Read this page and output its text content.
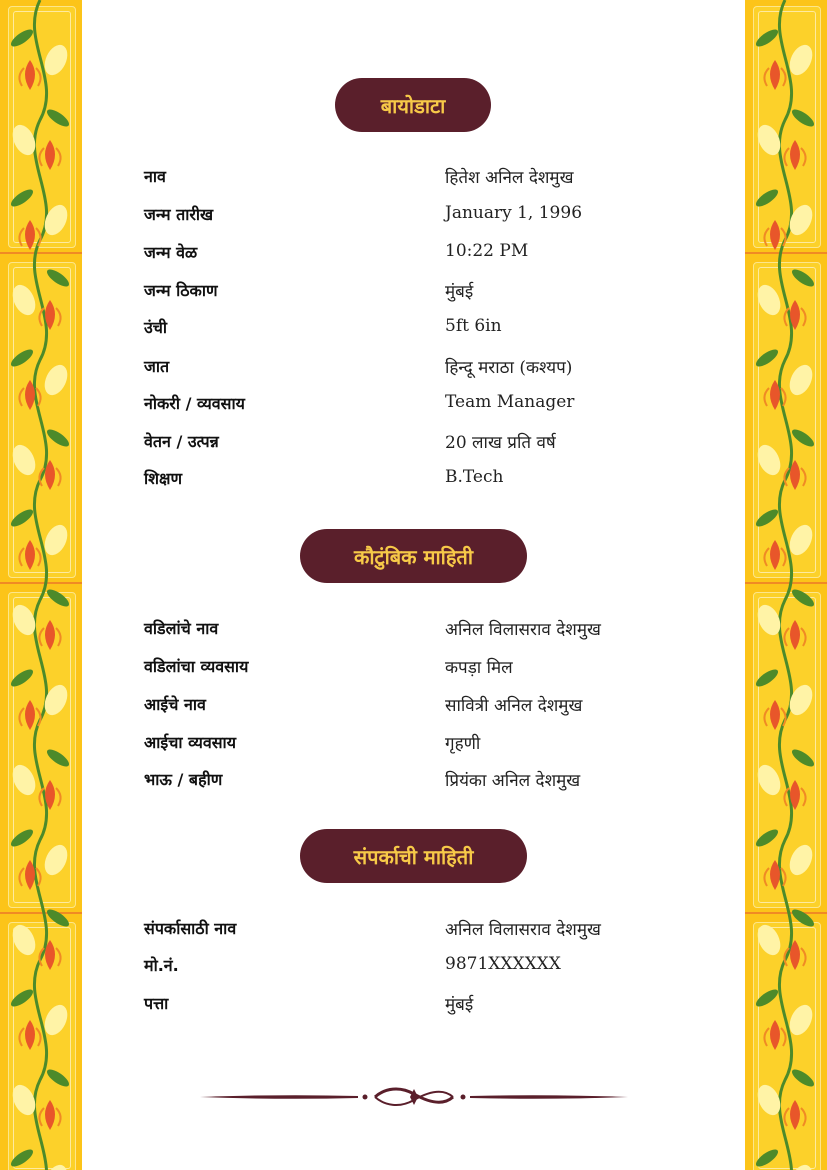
बायोडाटा
नाव	हितेश अनिल देशमुख
जन्म तारीख	January 1, 1996
जन्म वेळ	10:22 PM
जन्म ठिकाण	मुंबई
उंची	5ft 6in
जात	हिन्दू मराठा (कश्यप)
नोकरी / व्यवसाय	Team Manager
वेतन / उत्पन्न	20 लाख प्रति वर्ष
शिक्षण	B.Tech
कौटुंबिक माहिती
वडिलांचे नाव	अनिल विलासराव देशमुख
वडिलांचा व्यवसाय	कपड़ा मिल
आईचे नाव	सावित्री अनिल देशमुख
आईचा व्यवसाय	गृहणी
भाऊ / बहीण	प्रियंका अनिल देशमुख
संपर्काची माहिती
संपर्कासाठी नाव	अनिल विलासराव देशमुख
मो.नं.	9871XXXXXX
पत्ता	मुंबई
